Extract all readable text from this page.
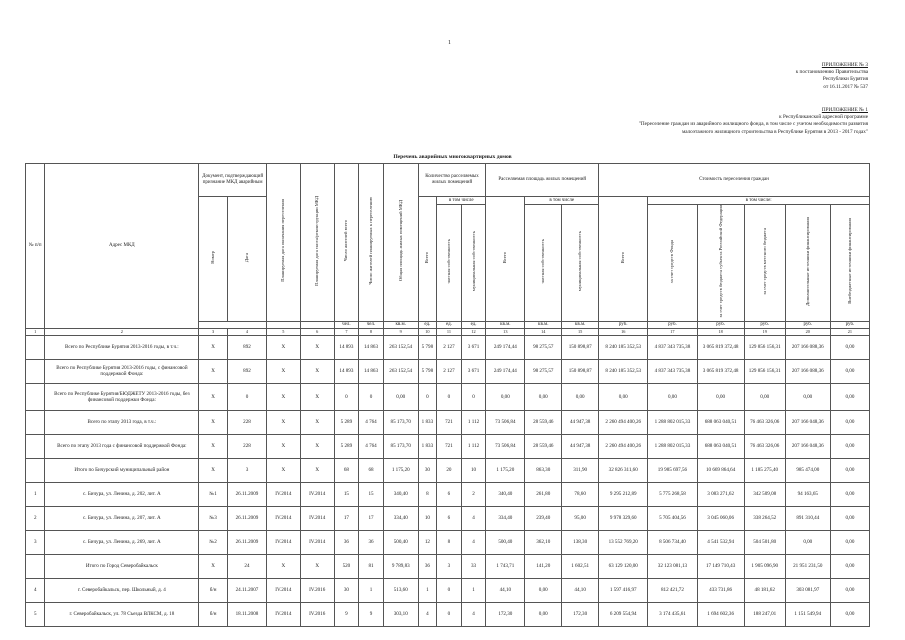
1
ПРИЛОЖЕНИЕ № 3
к постановлению Правительства
Республики Бурятия
от 16.11.2017 № 537
ПРИЛОЖЕНИЕ № 1
к Республиканской адресной программе
"Переселение граждан из аварийного жилищного фонда, в том числе с учетом необходимости развития
малоэтажного жилищного строительства в Республике Бурятия в 2013 - 2017 годах"
Перечень аварийных многоквартирных домов
№ п/п	Адрес МКД	Документ, подтверждающий признание МКД аварийным		Планируемая дата окончания переселения	Планируемая дата сноса/реконструкции МКД	Число жителей всего	Число жителей планируемых к переселению	Общая площадь жилых помещений МКД	Количество расселяемых жилых помещений			Расселяемая площадь жилых помещений			Стоимость переселения граждан					
		Номер	Дата						Всего	в том числе		Всего	в том числе		Всего	в том числе:				
										частная собственность	муниципальная собственность		частная собственность	муниципальная собственность		за счет средств Фонда	за счет средств бюджета субъекта Российской Федерации	за счет средств местного бюджета	Дополнительные источники финансирования	Внебюджетные источники финансирования
						чел.	чел.	кв.м.	ед.	ед.	ед.	кв.м.	кв.м.	кв.м.	руб.	руб.	руб.	руб.	руб.	руб.
1	2	3	4	5	6	7	8	9	10	11	12	13	14	15	16	17	18	19	20	21
	Всего по Республике Бурятия 2013-2016 годы, в т.ч.:	X	892	X	X	14 893	14 863	263 152,54	5 798	2 127	3 671	249 174,44	98 275,57	150 898,87	8 240 185 352,53	4 837 343 735,38	3 065 819 372,48	129 856 156,31	207 166 088,36	0,00
	Всего по Республике Бурятия 2013-2016 годы, с финансовой поддержкой Фонда:	X	892	X	X	14 893	14 863	263 152,54	5 798	2 127	3 671	249 174,44	98 275,57	150 898,87	8 240 185 352,53	4 837 343 735,38	3 065 819 372,48	129 856 156,31	207 166 088,36	0,00
	Всего по Республике Бурятия/БЮДЖЕТУ 2013-2016 годы, без финансовой поддержки Фонда:	X	0	X	X	0	0	0,00	0	0	0	0,00	0,00	0,00	0,00	0,00	0,00	0,00	0,00	0,00
	Всего по этапу 2013 года, в т.ч.:	X	228	X	X	5 289	4 764	85 173,70	1 833	721	1 112	73 506,84	28 559,46	44 947,38	2 260 494 400,26	1 288 802 015,33	688 063 040,51	76 463 326,06	207 166 048,36	0,00
	Всего по этапу 2013 года с финансовой поддержкой Фонда:	X	228	X	X	5 289	4 764	85 173,70	1 833	721	1 112	73 506,84	28 559,46	44 947,38	2 260 494 400,26	1 288 802 015,33	688 063 040,51	76 463 326,06	207 166 048,36	0,00
	Итого по Бичурский муниципальный район	X	3	X	X	68	68	1 175,20	30	20	10	1 175,20	863,30	311,90	32 826 311,60	19 985 697,56	10 669 864,64	1 185 275,40	985 474,00	0,00
1	с. Бичура, ул. Ленина, д. 202, лит. А	№1	26.11.2009	IV.2014	IV.2014	15	15	340,40	8	6	2	340,40	261,80	78,60	9 295 212,89	5 775 268,58	3 083 271,62	342 509,08	94 163,65	0,00
2	с. Бичура, ул. Ленина, д. 207, лит. А	№3	26.11.2009	IV.2014	IV.2014	17	17	334,40	10	6	4	334,40	239,40	95,00	9 978 329,60	5 705 404,56	3 045 060,06	338 264,52	891 310,44	0,00
3	с. Бичура, ул. Ленина, д. 269, лит. А	№2	26.11.2009	IV.2014	IV.2014	36	36	500,40	12	8	4	500,40	362,10	138,30	13 552 769,20	8 506 734,40	4 541 532,94	504 501,80	0,00	0,00
	Итого по Город Северобайкальск	X	24	X	X	520	81	9 789,83	36	3	33	1 743,71	141,20	1 602,51	63 129 120,00	32 123 081,13	17 149 710,43	1 905 096,90	21 951 231,50	0,00
4	г. Северобайкальск, пер. Школьный, д. 4	б/н	24.11.2007	IV.2014	IV.2016	30	1	513,60	1	0	1	44,10	0,00	44,10	1 597 416,97	812 421,72	433 731,86	48 181,62	303 081,97	0,00
5	г. Северобайкальск, ул. 78 Съезда ВЛКСМ, д. 18	б/н	18.11.2008	IV.2014	IV.2016	9	9	303,10	4	0	4	172,30	0,00	172,30	6 209 554,94	3 174 435,61	1 694 602,36	188 247,01	1 151 549,94	0,00
